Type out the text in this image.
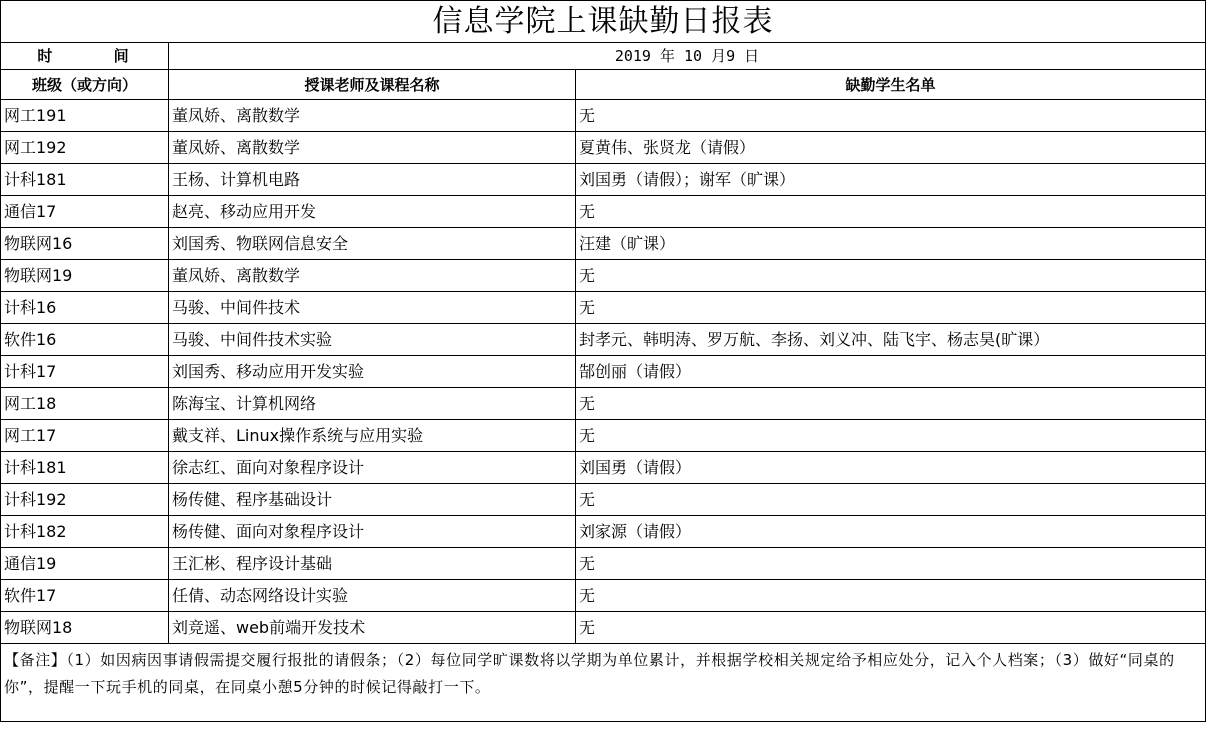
信息学院上课缺勤日报表		
时 间	2019 年 10 月9 日	
班级（或方向）	授课老师及课程名称	缺勤学生名单
网工191	董凤娇、离散数学	无
网工192	董凤娇、离散数学	夏黄伟、张贤龙（请假）
计科181	王杨、计算机电路	刘国勇（请假）；谢军（旷课）
通信17	赵亮、移动应用开发	无
物联网16	刘国秀、物联网信息安全	汪建（旷课）
物联网19	董凤娇、离散数学	无
计科16	马骏、中间件技术	无
软件16	马骏、中间件技术实验	封孝元、韩明涛、罗万航、李扬、刘义冲、陆飞宇、杨志昊(旷课）
计科17	刘国秀、移动应用开发实验	郜创丽（请假）
网工18	陈海宝、计算机网络	无
网工17	戴支祥、Linux操作系统与应用实验	无
计科181	徐志红、面向对象程序设计	刘国勇（请假）
计科192	杨传健、程序基础设计	无
计科182	杨传健、面向对象程序设计	刘家源（请假）
通信19	王汇彬、程序设计基础	无
软件17	任倩、动态网络设计实验	无
物联网18	刘竞遥、web前端开发技术	无
【备注】（1）如因病因事请假需提交履行报批的请假条；（2）每位同学旷课数将以学期为单位累计，并根据学校相关规定给予相应处分，记入个人档案；（3）做好“同桌的你”，提醒一下玩手机的同桌，在同桌小憩5分钟的时候记得敲打一下。		
